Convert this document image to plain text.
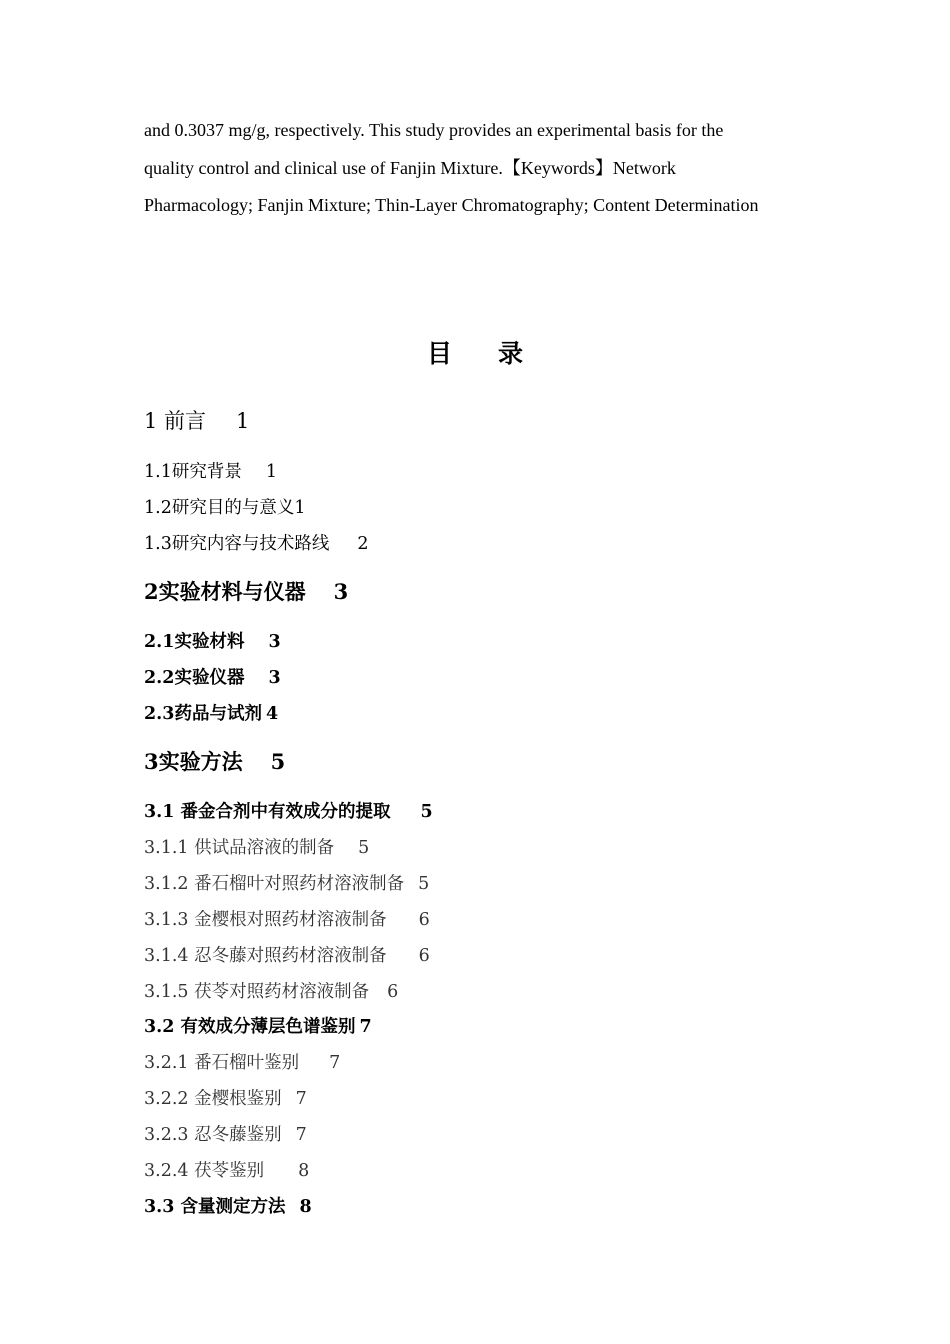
and 0.3037 mg/g, respectively. This study provides an experimental basis for the
quality control and clinical use of Fanjin Mixture.【Keywords】Network
Pharmacology; Fanjin Mixture; Thin-Layer Chromatography; Content Determination

目录
1 前言 1
1.1研究背景 1
1.2研究目的与意义1
1.3研究内容与技术路线 2
2实验材料与仪器 3
2.1实验材料 3
2.2实验仪器 3
2.3药品与试剂 4
3实验方法 5
3.1 番金合剂中有效成分的提取 5
3.1.1 供试品溶液的制备 5
3.1.2 番石榴叶对照药材溶液制备 5
3.1.3 金樱根对照药材溶液制备 6
3.1.4 忍冬藤对照药材溶液制备 6
3.1.5 茯苓对照药材溶液制备 6
3.2 有效成分薄层色谱鉴别 7
3.2.1 番石榴叶鉴别 7
3.2.2 金樱根鉴别 7
3.2.3 忍冬藤鉴别 7
3.2.4 茯苓鉴别 8
3.3 含量测定方法 8
